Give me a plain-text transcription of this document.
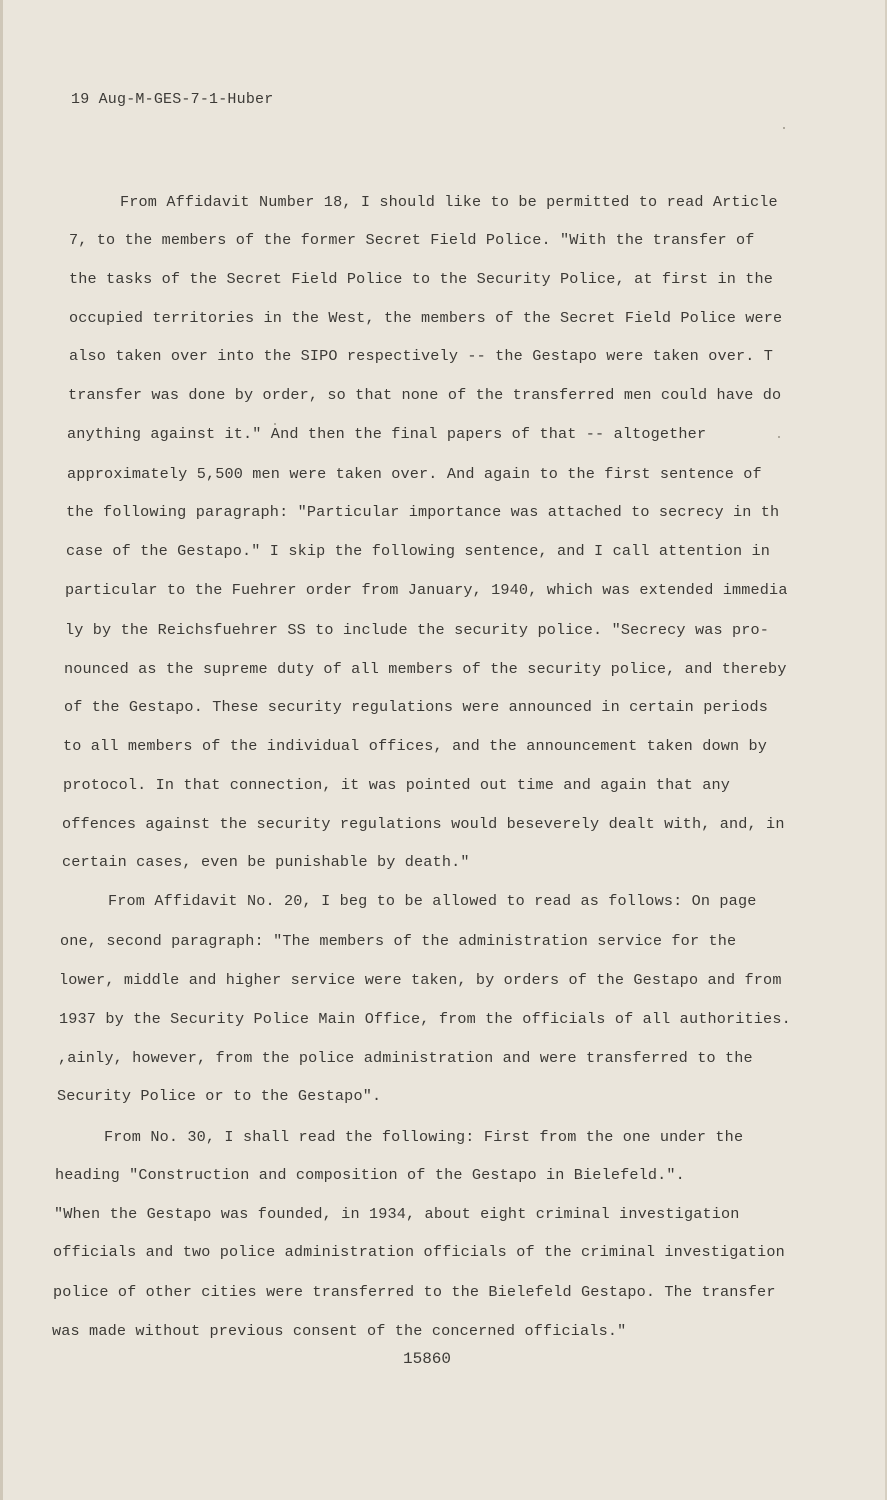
19 Aug-M-GES-7-1-Huber
From Affidavit Number 18, I should like to be permitted to read Article
7, to the members of the former Secret Field Police. "With the transfer of
the tasks of the Secret Field Police to the Security Police, at first in the
occupied territories in the West, the members of the Secret Field Police were
also taken over into the SIPO respectively -- the Gestapo were taken over. T
transfer was done by order, so that none of the transferred men could have do
anything against it." And then the final papers of that -- altogether
approximately 5,500 men were taken over. And again to the first sentence of
the following paragraph: "Particular importance was attached to secrecy in th
case of the Gestapo." I skip the following sentence, and I call attention in
particular to the Fuehrer order from January, 1940, which was extended immedia
ly by the Reichsfuehrer SS to include the security police. "Secrecy was pro-
nounced as the supreme duty of all members of the security police, and thereby
of the Gestapo. These security regulations were announced in certain periods
to all members of the individual offices, and the announcement taken down by
protocol. In that connection, it was pointed out time and again that any
offences against the security regulations would beseverely dealt with, and, in
certain cases, even be punishable by death."
From Affidavit No. 20, I beg to be allowed to read as follows: On page
one, second paragraph: "The members of the administration service for the
lower, middle and higher service were taken, by orders of the Gestapo and from
1937 by the Security Police Main Office, from the officials of all authorities.
,ainly, however, from the police administration and were transferred to the
Security Police or to the Gestapo".
From No. 30, I shall read the following: First from the one under the
heading "Construction and composition of the Gestapo in Bielefeld.".
"When the Gestapo was founded, in 1934, about eight criminal investigation
officials and two police administration officials of the criminal investigation
police of other cities were transferred to the Bielefeld Gestapo. The transfer
was made without previous consent of the concerned officials."
15860
